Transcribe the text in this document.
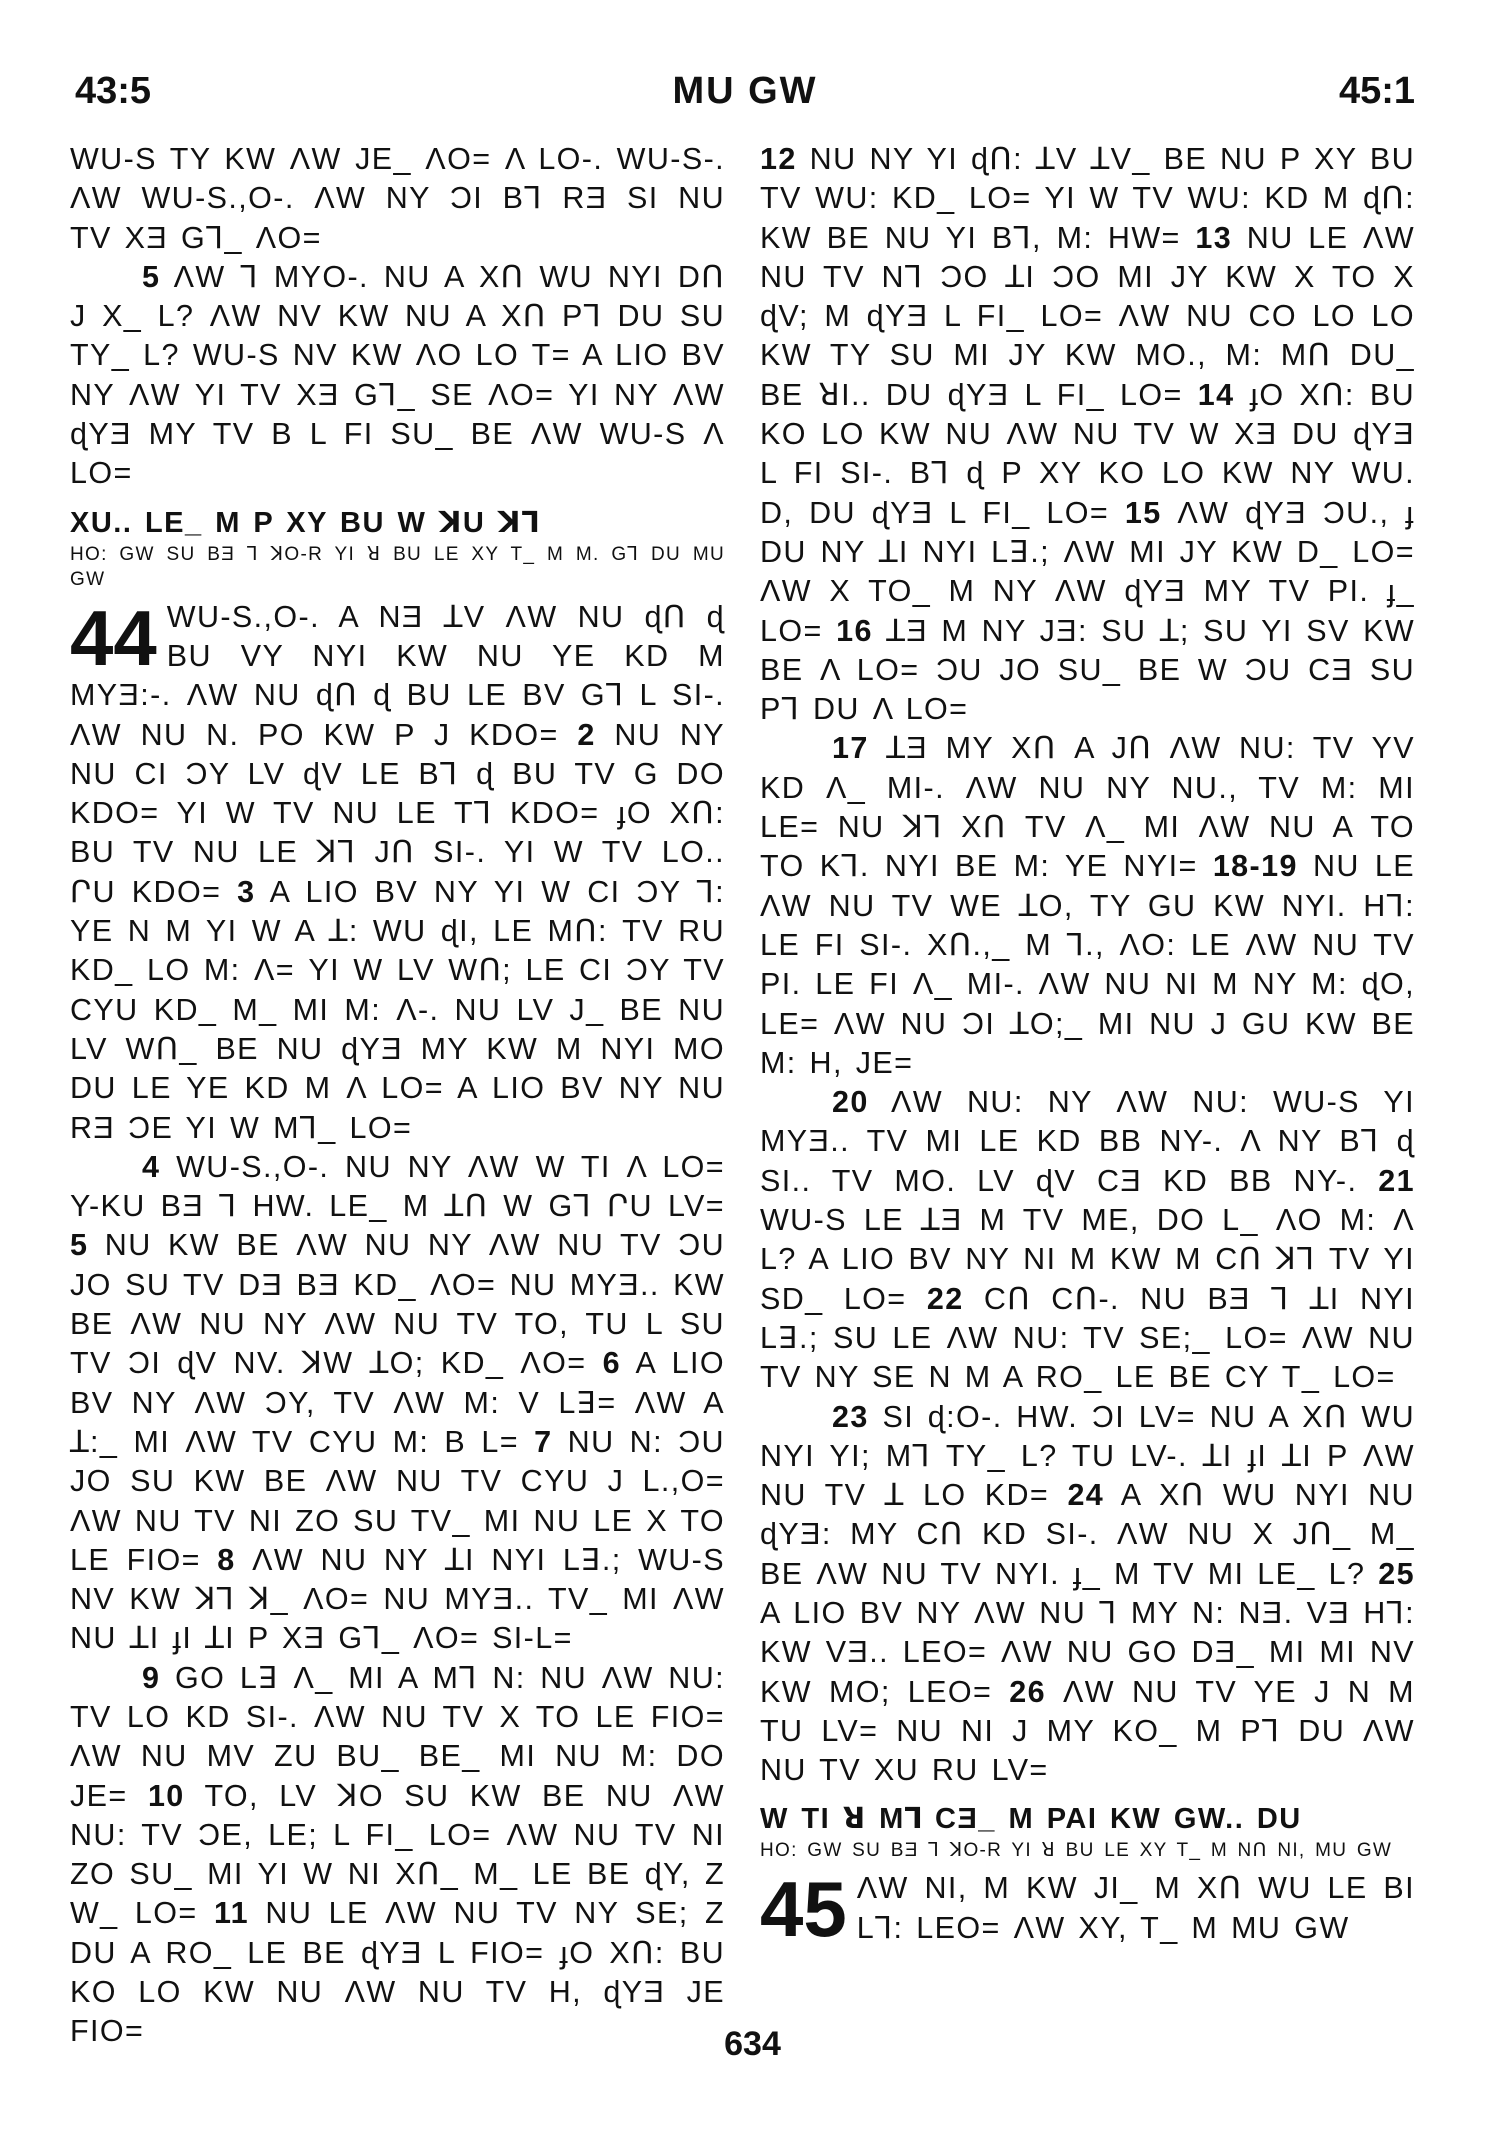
43:5	MU GW	45:1

WU-S TY KW ΛW JE_ ΛO= Λ LO-. WU-S-. ΛW WU-S.,O-. ΛW NY ƆI Bꓶ RƎ SI NU TV XƎ Gꓶ_ ΛO=

5 ΛW ꓶ MYO-. NU A XՈ WU NYI DՈ J X_ L? ΛW NV KW NU A XՈ Pꓶ DU SU TY_ L? WU-S NV KW ΛO LO T= A LIO BV NY ΛW YI TV XƎ Gꓶ_ SE ΛO= YI NY ΛW ɖYƎ MY TV B L FI SU_ BE ΛW WU-S Λ LO=

XU.. LE_ M P XY BU W ꓘU ꓘꓶ

HO: GW SU BƎ ꓶ ꓘO-R YI ꓤ BU LE XY T_ M M. Gꓶ DU MU GW

44 WU-S.,O-. A NƎ ꓕV ΛW NU ɖՈ ɖ BU VY NYI KW NU YE KD M MYƎ:-. ΛW NU ɖՈ ɖ BU LE BV Gꓶ L SI-. ΛW NU N. PO KW P J KDO= 2 NU NY NU CI ƆY LV ɖV LE Bꓶ ɖ BU TV G DO KDO= YI W TV NU LE Tꓶ KDO= ɟO XՈ: BU TV NU LE ꓘꓶ JՈ SI-. YI W TV LO.. ՐU KDO= 3 A LIO BV NY YI W CI ƆY ꓶ: YE N M YI W A ꓕ: WU ɖI, LE MՈ: TV RU KD_ LO M: Λ= YI W LV WՈ; LE CI ƆY TV CYU KD_ M_ MI M: Λ-. NU LV J_ BE NU LV WՈ_ BE NU ɖYƎ MY KW M NYI MO DU LE YE KD M Λ LO= A LIO BV NY NU RƎ ƆE YI W Mꓶ_ LO=

4 WU-S.,O-. NU NY ΛW W TI Λ LO= Y-KU BƎ ꓶ HW. LE_ M ꓕՈ W Gꓶ ՐU LV= 5 NU KW BE ΛW NU NY ΛW NU TV ƆU JO SU TV DƎ BƎ KD_ ΛO= NU MYƎ.. KW BE ΛW NU NY ΛW NU TV TO, TU L SU TV ƆI ɖV NV. ꓘW ꓕO; KD_ ΛO= 6 A LIO BV NY ΛW ƆY, TV ΛW M: V Lꓱ= ΛW A ꓕ:_ MI ΛW TV CYU M: B L= 7 NU N: ƆU JO SU KW BE ΛW NU TV CYU J L.,O= ΛW NU TV NI ZO SU TV_ MI NU LE X TO LE FIO= 8 ΛW NU NY ꓕI NYI Lꓱ.; WU-S NV KW ꓘꓶ ꓘ_ ΛO= NU MYƎ.. TV_ MI ΛW NU ꓕI ɟI ꓕI P XƎ Gꓶ_ ΛO= SI-L=

9 GO Lꓱ Λ_ MI A Mꓶ N: NU ΛW NU: TV LO KD SI-. ΛW NU TV X TO LE FIO= ΛW NU MV ZU BU_ BE_ MI NU M: DO JE= 10 TO, LV ꓘO SU KW BE NU ΛW NU: TV ƆE, LE; L FI_ LO= ΛW NU TV NI ZO SU_ MI YI W NI XՈ_ M_ LE BE ɖY, Z W_ LO= 11 NU LE ΛW NU TV NY SE; Z DU A RO_ LE BE ɖYƎ L FIO= ɟO XՈ: BU KO LO KW NU ΛW NU TV H, ɖYƎ JE FIO=

12 NU NY YI ɖՈ: ꓕV ꓕV_ BE NU P XY BU TV WU: KD_ LO= YI W TV WU: KD M ɖՈ: KW BE NU YI Bꓶ, M: HW= 13 NU LE ΛW NU TV Nꓶ ƆO ꓕI ƆO MI JY KW X TO X ɖV; M ɖYƎ L FI_ LO= ΛW NU CO LO LO KW TY SU MI JY KW MO., M: MՈ DU_ BE ꓤI.. DU ɖYƎ L FI_ LO= 14 ɟO XՈ: BU KO LO KW NU ΛW NU TV W XƎ DU ɖYƎ L FI SI-. Bꓶ ɖ P XY KO LO KW NY WU. D, DU ɖYƎ L FI_ LO= 15 ΛW ɖYƎ ƆU., ɟ DU NY ꓕI NYI Lꓱ.; ΛW MI JY KW D_ LO= ΛW X TO_ M NY ΛW ɖYƎ MY TV PI. ɟ_ LO= 16 ꓕƎ M NY JƎ: SU ꓕ; SU YI SV KW BE Λ LO= ƆU JO SU_ BE W ƆU CƎ SU Pꓶ DU Λ LO=

17 ꓕƎ MY XՈ A JՈ ΛW NU: TV YV KD Λ_ MI-. ΛW NU NY NU., TV M: MI LE= NU ꓘꓶ XՈ TV Λ_ MI ΛW NU A TO TO Kꓶ. NYI BE M: YE NYI= 18-19 NU LE ΛW NU TV WE ꓕO, TY GU KW NYI. Hꓶ: LE FI SI-. XՈ.,_ M ꓶ., ΛO: LE ΛW NU TV PI. LE FI Λ_ MI-. ΛW NU NI M NY M: ɖO, LE= ΛW NU ƆI ꓕO;_ MI NU J GU KW BE M: H, JE=

20 ΛW NU: NY ΛW NU: WU-S YI MYƎ.. TV MI LE KD BB NY-. Λ NY Bꓶ ɖ SI.. TV MO. LV ɖV CƎ KD BB NY-. 21 WU-S LE ꓕƎ M TV ME, DO L_ ΛO M: Λ L? A LIO BV NY NI M KW M CՈ ꓘꓶ TV YI SD_ LO= 22 CՈ CՈ-. NU BƎ ꓶ ꓕI NYI Lꓱ.; SU LE ΛW NU: TV SE;_ LO= ΛW NU TV NY SE N M A RO_ LE BE CY T_ LO=

23 SI ɖ:O-. HW. ƆI LV= NU A XՈ WU NYI YI; Mꓶ TY_ L? TU LV-. ꓕI ɟI ꓕI P ΛW NU TV ꓕ LO KD= 24 A XՈ WU NYI NU ɖYƎ: MY CՈ KD SI-. ΛW NU X JՈ_ M_ BE ΛW NU TV NYI. ɟ_ M TV MI LE_ L? 25 A LIO BV NY ΛW NU ꓶ MY N: NƎ. VƎ Hꓶ: KW VƎ.. LEO= ΛW NU GO DƎ_ MI MI NV KW MO; LEO= 26 ΛW NU TV YE J N M TU LV= NU NI J MY KO_ M Pꓶ DU ΛW NU TV XU RU LV=

W TI ꓤ Mꓶ CƎ_ M PAI KW GW.. DU

HO: GW SU BƎ ꓶ ꓘO-R YI ꓤ BU LE XY T_ M NՈ NI, MU GW

45 ΛW NI, M KW JI_ M XՈ WU LE BI Lꓶ: LEO= ΛW XY, T_ M MU GW

634
